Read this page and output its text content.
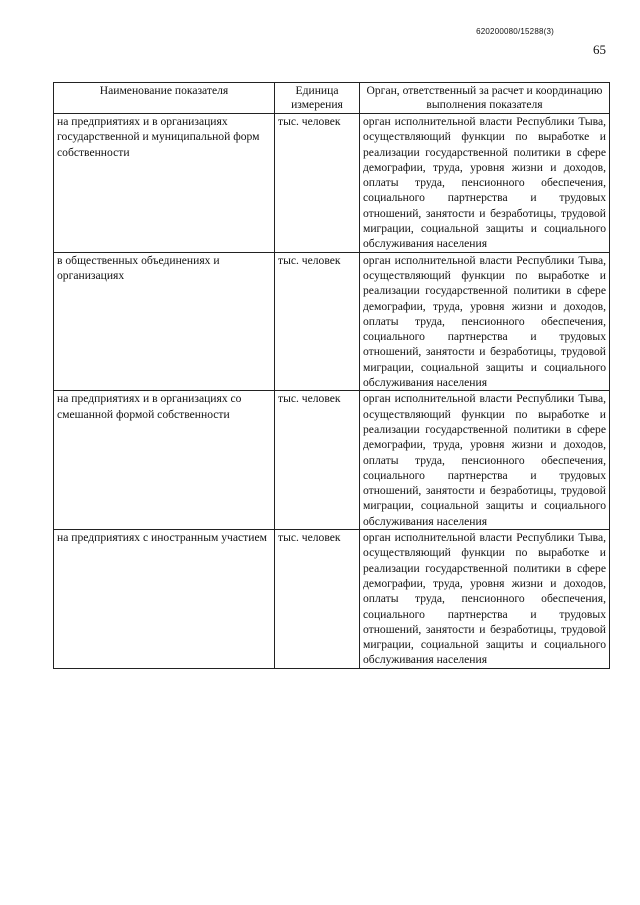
620200080/15288(3)
65
Наименование показателя	Единица измерения	Орган, ответственный за расчет и координацию выполнения показателя
на предприятиях и в организациях государственной и муниципальной форм собственности	тыс. человек	орган исполнительной власти Республики Тыва, осуществляющий функции по выработке и реализации государственной политики в сфере демографии, труда, уровня жизни и доходов, оплаты труда, пенсионного обеспечения, социального партнерства и трудовых отношений, занятости и безработицы, трудовой миграции, социальной защиты и социального обслуживания населения
в общественных объединениях и организациях	тыс. человек	орган исполнительной власти Республики Тыва, осуществляющий функции по выработке и реализации государственной политики в сфере демографии, труда, уровня жизни и доходов, оплаты труда, пенсионного обеспечения, социального партнерства и трудовых отношений, занятости и безработицы, трудовой миграции, социальной защиты и социального обслуживания населения
на предприятиях и в организациях со смешанной формой собственности	тыс. человек	орган исполнительной власти Республики Тыва, осуществляющий функции по выработке и реализации государственной политики в сфере демографии, труда, уровня жизни и доходов, оплаты труда, пенсионного обеспечения, социального партнерства и трудовых отношений, занятости и безработицы, трудовой миграции, социальной защиты и социального обслуживания населения
на предприятиях с иностранным участием	тыс. человек	орган исполнительной власти Республики Тыва, осуществляющий функции по выработке и реализации государственной политики в сфере демографии, труда, уровня жизни и доходов, оплаты труда, пенсионного обеспечения, социального партнерства и трудовых отношений, занятости и безработицы, трудовой миграции, социальной защиты и социального обслуживания населения
